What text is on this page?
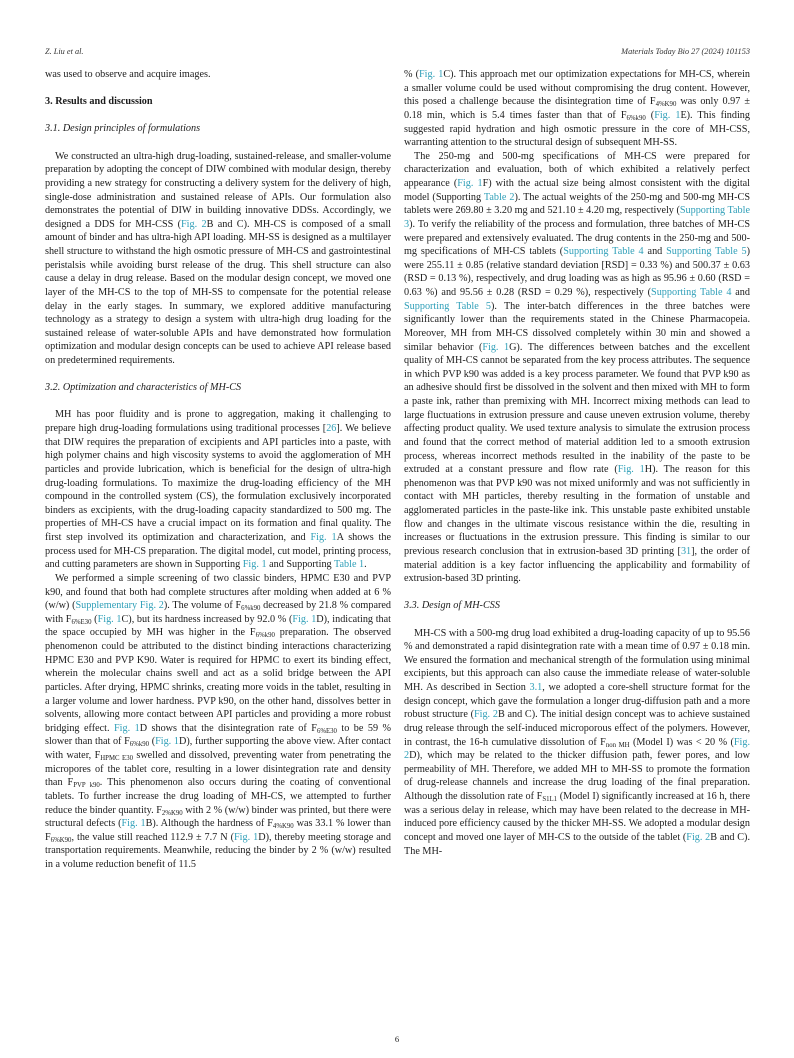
Z. Liu et al.	Materials Today Bio 27 (2024) 101153

was used to observe and acquire images.

3. Results and discussion
3.1. Design principles of formulations

We constructed an ultra-high drug-loading, sustained-release, and smaller-volume preparation by adopting the concept of DIW combined with modular design, thereby providing a new strategy for constructing a delivery system for the delivery of high, single-dose administration and sustained release of APIs. Our formulation also demonstrates the potential of DIW in building innovative DDSs. Accordingly, we designed a DDS for MH-CSS (Fig. 2B and C). MH-CS is composed of a small amount of binder and has ultra-high API loading. MH-SS is designed as a multilayer shell structure to withstand the high osmotic pressure of MH-CS and gastrointestinal peristalsis while avoiding burst release of the drug. This shell structure can also cause a delay in drug release. Based on the modular design concept, we moved one layer of the MH-CS to the top of MH-SS to compensate for the potential release delay in the early stages. In summary, we explored additive manufacturing technology as a strategy to design a system with ultra-high drug loading for the sustained release of water-soluble APIs and have demonstrated how formulation optimization and modular design concepts can be used to achieve API release based on predetermined requirements.

3.2. Optimization and characteristics of MH-CS

MH has poor fluidity and is prone to aggregation, making it challenging to prepare high drug-loading formulations using traditional processes [26]. We believe that DIW requires the preparation of excipients and API particles into a paste, with high polymer chains and high viscosity systems to avoid the agglomeration of MH particles and provide lubrication, which is beneficial for the design of ultra-high drug-loading formulations. To maximize the drug-loading efficiency of the MH compound in the controlled system (CS), the formulation exclusively incorporated binders as excipients, with the drug-loading capacity standardized to 500 mg. The properties of MH-CS have a crucial impact on its formation and final quality. The first step involved its optimization and characterization, and Fig. 1A shows the process used for MH-CS preparation. The digital model, cut model, printing process, and cutting parameters are shown in Supporting Fig. 1 and Supporting Table 1.

We performed a simple screening of two classic binders, HPMC E30 and PVP k90, and found that both had complete structures after molding when added at 6 % (w/w) (Supplementary Fig. 2). The volume of $F_{6\%k90}$ decreased by 21.8 % compared with $F_{6\%E30}$ (Fig. 1C), but its hardness increased by 92.0 % (Fig. 1D), indicating that the space occupied by MH was higher in the $F_{6\%k90}$ preparation. The observed phenomenon could be attributed to the distinct binding interactions characterizing HPMC E30 and PVP K90. Water is required for HPMC to exert its binding effect, wherein the molecular chains swell and act as a solid bridge between the API particles. After drying, HPMC shrinks, creating more voids in the tablet, resulting in a larger volume and lower hardness. PVP k90, on the other hand, dissolves better in solvents, allowing more contact between API particles and providing a more robust bridging effect. Fig. 1D shows that the disintegration rate of $F_{6\%E30}$ to be 59 % slower than that of $F_{6\%k90}$ (Fig. 1D), further supporting the above view. After contact with water, $F_{HPMC E30}$ swelled and dissolved, preventing water from penetrating the micropores of the tablet core, resulting in a lower disintegration rate and density than $F_{PVP k90}$. This phenomenon also occurs during the coating of conventional tablets. To further increase the drug loading of MH-CS, we attempted to further reduce the binder quantity. $F_{2\%K90}$ with 2 % (w/w) binder was printed, but there were structural defects (Fig. 1B). Although the hardness of $F_{4\%K90}$ was 33.1 % lower than $F_{6\%K90}$, the value still reached 112.9 ± 7.7 N (Fig. 1D), thereby meeting storage and transportation requirements. Meanwhile, reducing the binder by 2 % (w/w) resulted in a volume reduction benefit of 11.5

% (Fig. 1C). This approach met our optimization expectations for MH-CS, wherein a smaller volume could be used without compromising the drug content. However, this posed a challenge because the disintegration time of $F_{4\%K90}$ was only 0.97 ± 0.18 min, which is 5.4 times faster than that of $F_{6\%k90}$ (Fig. 1E). This finding suggested rapid hydration and high osmotic pressure in the core of MH-CSS, warranting attention to the structural design of subsequent MH-SS.

The 250-mg and 500-mg specifications of MH-CS were prepared for characterization and evaluation, both of which exhibited a relatively perfect appearance (Fig. 1F) with the actual size being almost consistent with the digital model (Supporting Table 2). The actual weights of the 250-mg and 500-mg MH-CS tablets were 269.80 ± 3.20 mg and 521.10 ± 4.20 mg, respectively (Supporting Table 3). To verify the reliability of the process and formulation, three batches of MH-CS were prepared and extensively evaluated. The drug contents in the 250-mg and 500-mg specifications of MH-CS tablets (Supporting Table 4 and Supporting Table 5) were 255.11 ± 0.85 (relative standard deviation [RSD] = 0.33 %) and 500.37 ± 0.63 (RSD = 0.13 %), respectively, and drug loading was as high as 95.96 ± 0.60 (RSD = 0.63 %) and 95.56 ± 0.28 (RSD = 0.29 %), respectively (Supporting Table 4 and Supporting Table 5). The inter-batch differences in the three batches were significantly lower than the requirements stated in the Chinese Pharmacopeia. Moreover, MH from MH-CS dissolved completely within 30 min and showed a similar behavior (Fig. 1G). The differences between batches and the excellent quality of MH-CS cannot be separated from the key process attributes. The sequence in which PVP k90 was added is a key process parameter. We found that PVP k90 as an adhesive should first be dissolved in the solvent and then mixed with MH to form a paste ink, rather than premixing with MH. Incorrect mixing methods can lead to large fluctuations in extrusion pressure and cause uneven extrusion volume, thereby affecting product quality. We used texture analysis to simulate the extrusion process and found that the correct method of material addition led to a smooth extrusion process, whereas incorrect methods resulted in the inability of the paste to be extruded at a constant pressure and flow rate (Fig. 1H). The reason for this phenomenon was that PVP k90 was not mixed uniformly and was not sufficiently in contact with MH particles, thereby resulting in the formation of unstable and agglomerated particles in the paste-like ink. This unstable paste exhibited unstable flow and changes in the ultimate viscous resistance within the die, resulting in increases or fluctuations in the extrusion pressure. This finding is similar to our previous research conclusion that in extrusion-based 3D printing [31], the order of material addition is a key factor influencing the applicability and formability of extrusion-based 3D printing.

3.3. Design of MH-CSS

MH-CS with a 500-mg drug load exhibited a drug-loading capacity of up to 95.56 % and demonstrated a rapid disintegration rate with a mean time of 0.97 ± 0.18 min. We ensured the formation and mechanical strength of the formulation using minimal excipients, but this approach can also cause the immediate release of water-soluble MH. As described in Section 3.1, we adopted a core-shell structure format for the design concept, which gave the formulation a longer drug-diffusion path and a more robust structure (Fig. 2B and C). The initial design concept was to achieve sustained drug release through the self-induced microporous effect of the polymers. However, in contrast, the 16-h cumulative dissolution of $F_{non MH}$ (Model I) was < 20 % (Fig. 2D), which may be related to the thicker diffusion path, fewer pores, and low permeability of MH. Therefore, we added MH to MH-SS to promote the formation of drug-release channels and increase the drug loading of the final preparation. Although the dissolution rate of $F_{S1L1}$ (Model I) significantly increased at 16 h, there was a serious delay in release, which may have been related to the decrease in MH-induced pore efficiency caused by the thicker MH-SS. We adopted a modular design concept and moved one layer of MH-CS to the outside of the tablet (Fig. 2B and C). The MH-

6
